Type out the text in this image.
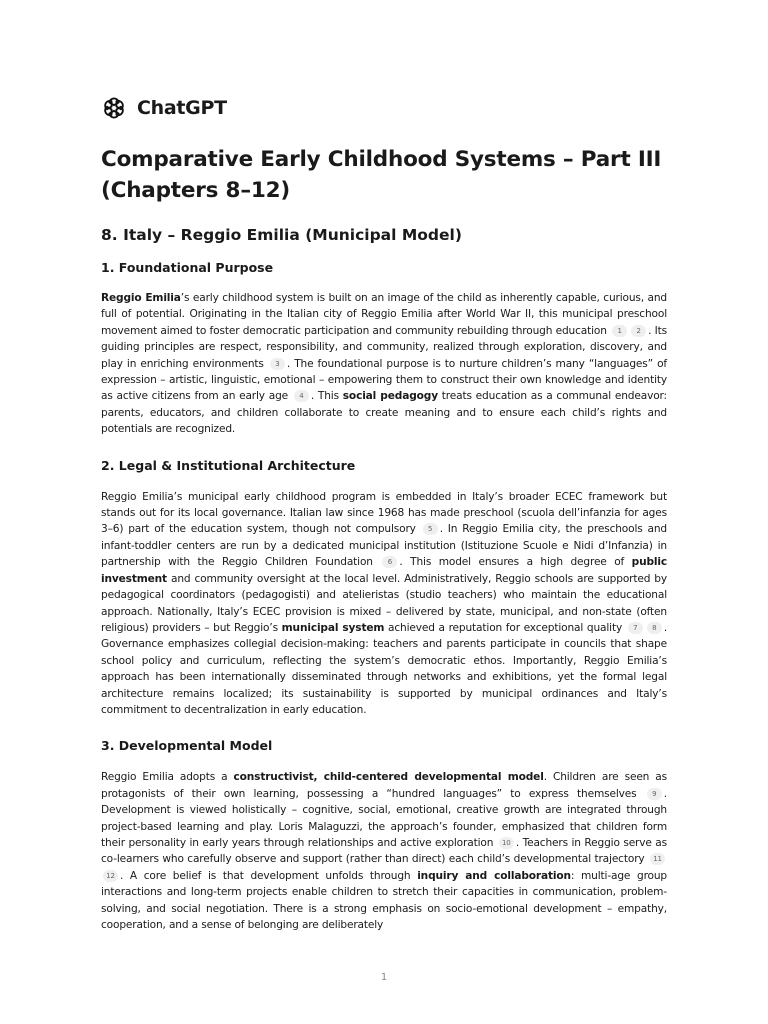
ChatGPT
Comparative Early Childhood Systems – Part III (Chapters 8–12)
8. Italy – Reggio Emilia (Municipal Model)
1. Foundational Purpose
Reggio Emilia’s early childhood system is built on an image of the child as inherently capable, curious, and full of potential. Originating in the Italian city of Reggio Emilia after World War II, this municipal preschool movement aimed to foster democratic participation and community rebuilding through education 1 2 . Its guiding principles are respect, responsibility, and community, realized through exploration, discovery, and play in enriching environments 3 . The foundational purpose is to nurture children’s many “languages” of expression – artistic, linguistic, emotional – empowering them to construct their own knowledge and identity as active citizens from an early age 4 . This social pedagogy treats education as a communal endeavor: parents, educators, and children collaborate to create meaning and to ensure each child’s rights and potentials are recognized.
2. Legal & Institutional Architecture
Reggio Emilia’s municipal early childhood program is embedded in Italy’s broader ECEC framework but stands out for its local governance. Italian law since 1968 has made preschool (scuola dell’infanzia for ages 3–6) part of the education system, though not compulsory 5 . In Reggio Emilia city, the preschools and infant-toddler centers are run by a dedicated municipal institution (Istituzione Scuole e Nidi d’Infanzia) in partnership with the Reggio Children Foundation 6 . This model ensures a high degree of public investment and community oversight at the local level. Administratively, Reggio schools are supported by pedagogical coordinators (pedagogisti) and atelieristas (studio teachers) who maintain the educational approach. Nationally, Italy’s ECEC provision is mixed – delivered by state, municipal, and non-state (often religious) providers – but Reggio’s municipal system achieved a reputation for exceptional quality 7 8 . Governance emphasizes collegial decision-making: teachers and parents participate in councils that shape school policy and curriculum, reflecting the system’s democratic ethos. Importantly, Reggio Emilia’s approach has been internationally disseminated through networks and exhibitions, yet the formal legal architecture remains localized; its sustainability is supported by municipal ordinances and Italy’s commitment to decentralization in early education.
3. Developmental Model
Reggio Emilia adopts a constructivist, child-centered developmental model. Children are seen as protagonists of their own learning, possessing a “hundred languages” to express themselves 9 . Development is viewed holistically – cognitive, social, emotional, creative growth are integrated through project-based learning and play. Loris Malaguzzi, the approach’s founder, emphasized that children form their personality in early years through relationships and active exploration 10 . Teachers in Reggio serve as co-learners who carefully observe and support (rather than direct) each child’s developmental trajectory 1112 . A core belief is that development unfolds through inquiry and collaboration: multi-age group interactions and long-term projects enable children to stretch their capacities in communication, problem-solving, and social negotiation. There is a strong emphasis on socio-emotional development – empathy, cooperation, and a sense of belonging are deliberately
1
